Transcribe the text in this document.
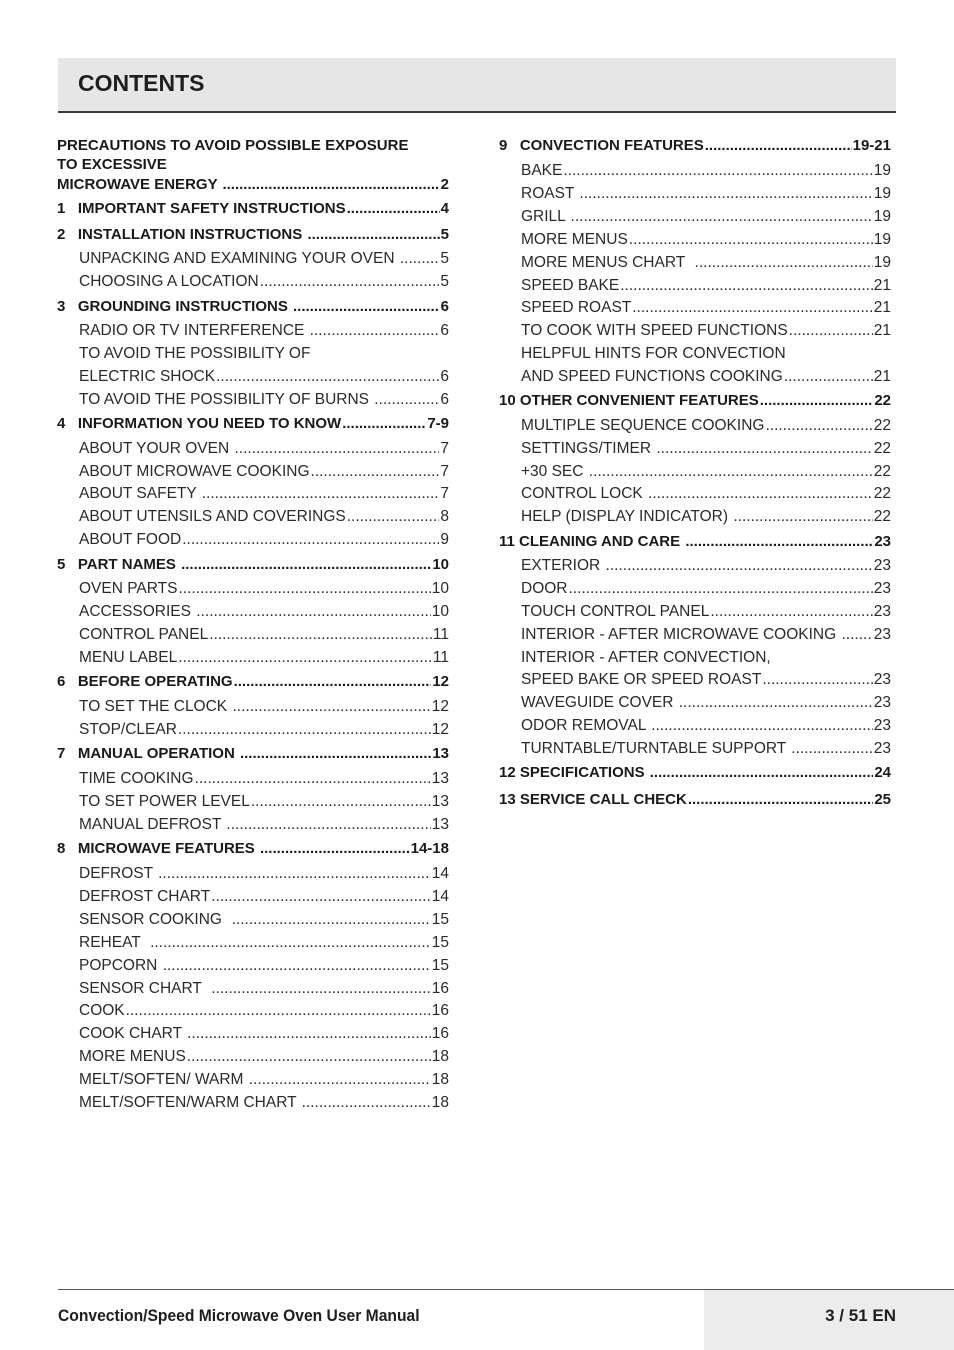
CONTENTS
PRECAUTIONS TO AVOID POSSIBLE EXPOSURE
TO EXCESSIVE
MICROWAVE ENERGY .....	2
1   IMPORTANT SAFETY INSTRUCTIONS .....	4
2   INSTALLATION INSTRUCTIONS .....	5
UNPACKING AND EXAMINING YOUR OVEN .....	5
CHOOSING A LOCATION .....	5
3   GROUNDING INSTRUCTIONS .....	6
RADIO OR TV INTERFERENCE .....	6
TO AVOID THE POSSIBILITY OF
ELECTRIC SHOCK .....	6
TO AVOID THE POSSIBILITY OF BURNS .....	6
4   INFORMATION YOU NEED TO KNOW .....	7-9
ABOUT YOUR OVEN .....	7
ABOUT MICROWAVE COOKING .....	7
ABOUT SAFETY .....	7
ABOUT UTENSILS AND COVERINGS .....	8
ABOUT FOOD .....	9
5   PART NAMES .....	10
OVEN PARTS .....	10
ACCESSORIES .....	10
CONTROL PANEL .....	11
MENU LABEL .....	11
6   BEFORE OPERATING .....	12
TO SET THE CLOCK .....	12
STOP/CLEAR .....	12
7   MANUAL OPERATION .....	13
TIME COOKING .....	13
TO SET POWER LEVEL .....	13
MANUAL DEFROST .....	13
8   MICROWAVE FEATURES .....	14-18
DEFROST .....	14
DEFROST CHART .....	14
SENSOR COOKING .....	15
REHEAT .....	15
POPCORN .....	15
SENSOR CHART .....	16
COOK .....	16
COOK CHART .....	16
MORE MENUS .....	18
MELT/SOFTEN/ WARM .....	18
MELT/SOFTEN/WARM CHART .....	18
9   CONVECTION FEATURES .....	19-21
BAKE .....	19
ROAST .....	19
GRILL .....	19
MORE MENUS .....	19
MORE MENUS CHART .....	19
SPEED BAKE .....	21
SPEED ROAST .....	21
TO COOK WITH SPEED FUNCTIONS .....	21
HELPFUL HINTS FOR CONVECTION
AND SPEED FUNCTIONS COOKING .....	21
10 OTHER CONVENIENT FEATURES .....	22
MULTIPLE SEQUENCE COOKING .....	22
SETTINGS/TIMER .....	22
+30 SEC .....	22
CONTROL LOCK .....	22
HELP (DISPLAY INDICATOR) .....	22
11 CLEANING AND CARE .....	23
EXTERIOR .....	23
DOOR .....	23
TOUCH CONTROL PANEL .....	23
INTERIOR - AFTER MICROWAVE COOKING ..... 23
INTERIOR - AFTER CONVECTION,
SPEED BAKE OR SPEED ROAST .....	23
WAVEGUIDE COVER .....	23
ODOR REMOVAL .....	23
TURNTABLE/TURNTABLE SUPPORT .....	23
12 SPECIFICATIONS .....	24
13 SERVICE CALL CHECK .....	25
Convection/Speed Microwave Oven User Manual	3 / 51 EN
